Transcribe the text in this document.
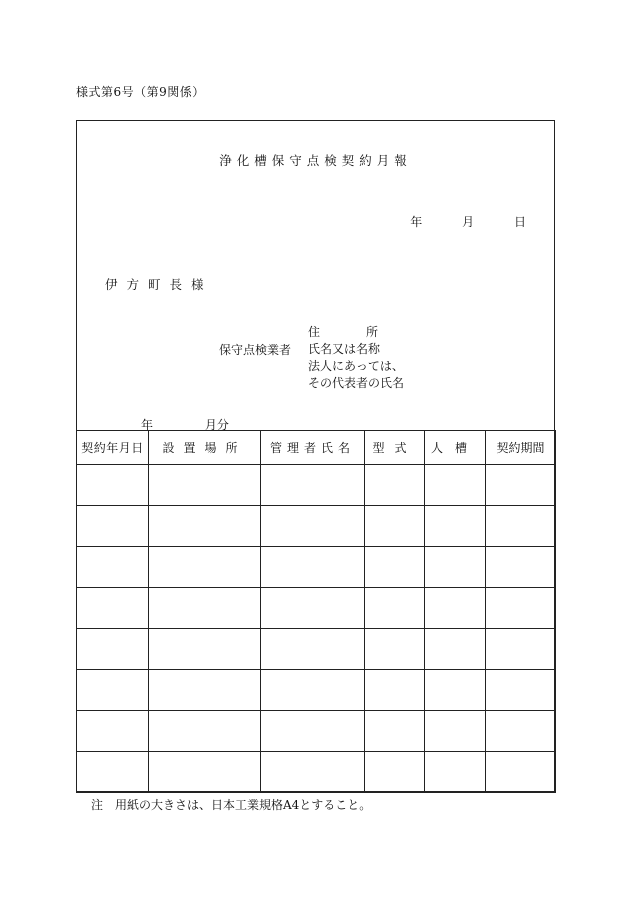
様式第6号（第9関係）
浄化槽保守点検契約月報
年	月	日
伊方町長様
保守点検業者
住	所
氏名又は名称
法人にあっては、
その代表者の氏名
年	月分
契約年月日	設置場所	管理者氏名	型式	人槽	契約期間

注　用紙の大きさは、日本工業規格A4とすること。
